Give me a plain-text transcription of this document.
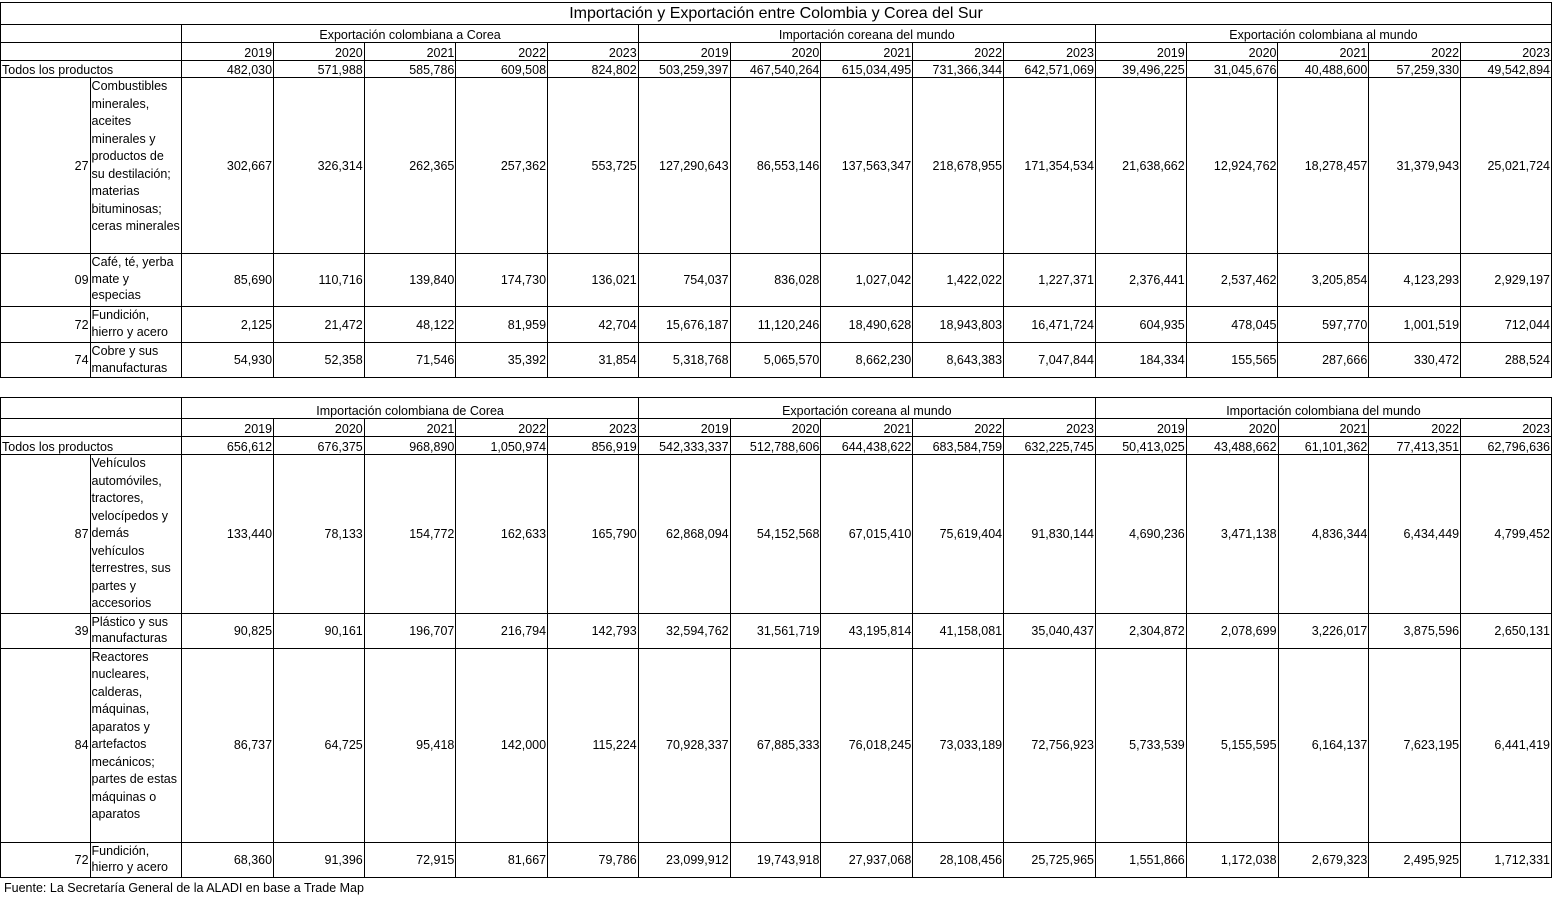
Importación y Exportación entre Colombia y Corea del Sur																
		Exportación colombiana a Corea					Importación coreana del mundo					Exportación colombiana al mundo				
		2019	2020	2021	2022	2023	2019	2020	2021	2022	2023	2019	2020	2021	2022	2023
Todos los productos		482,030	571,988	585,786	609,508	824,802	503,259,397	467,540,264	615,034,495	731,366,344	642,571,069	39,496,225	31,045,676	40,488,600	57,259,330	49,542,894
27	Combustibles minerales, aceites minerales y productos de su destilación; materias bituminosas; ceras minerales	302,667	326,314	262,365	257,362	553,725	127,290,643	86,553,146	137,563,347	218,678,955	171,354,534	21,638,662	12,924,762	18,278,457	31,379,943	25,021,724
09	Café, té, yerba mate y especias	85,690	110,716	139,840	174,730	136,021	754,037	836,028	1,027,042	1,422,022	1,227,371	2,376,441	2,537,462	3,205,854	4,123,293	2,929,197
72	Fundición, hierro y acero	2,125	21,472	48,122	81,959	42,704	15,676,187	11,120,246	18,490,628	18,943,803	16,471,724	604,935	478,045	597,770	1,001,519	712,044
74	Cobre y sus manufacturas	54,930	52,358	71,546	35,392	31,854	5,318,768	5,065,570	8,662,230	8,643,383	7,047,844	184,334	155,565	287,666	330,472	288,524
		Importación colombiana de Corea					Exportación coreana al mundo					Importación colombiana del mundo				
		2019	2020	2021	2022	2023	2019	2020	2021	2022	2023	2019	2020	2021	2022	2023
Todos los productos		656,612	676,375	968,890	1,050,974	856,919	542,333,337	512,788,606	644,438,622	683,584,759	632,225,745	50,413,025	43,488,662	61,101,362	77,413,351	62,796,636
87	Vehículos automóviles, tractores, velocípedos y demás vehículos terrestres, sus partes y accesorios	133,440	78,133	154,772	162,633	165,790	62,868,094	54,152,568	67,015,410	75,619,404	91,830,144	4,690,236	3,471,138	4,836,344	6,434,449	4,799,452
39	Plástico y sus manufacturas	90,825	90,161	196,707	216,794	142,793	32,594,762	31,561,719	43,195,814	41,158,081	35,040,437	2,304,872	2,078,699	3,226,017	3,875,596	2,650,131
84	Reactores nucleares, calderas, máquinas, aparatos y artefactos mecánicos; partes de estas máquinas o aparatos	86,737	64,725	95,418	142,000	115,224	70,928,337	67,885,333	76,018,245	73,033,189	72,756,923	5,733,539	5,155,595	6,164,137	7,623,195	6,441,419
72	Fundición, hierro y acero	68,360	91,396	72,915	81,667	79,786	23,099,912	19,743,918	27,937,068	28,108,456	25,725,965	1,551,866	1,172,038	2,679,323	2,495,925	1,712,331
Fuente: La Secretaría General de la ALADI en base a Trade Map
